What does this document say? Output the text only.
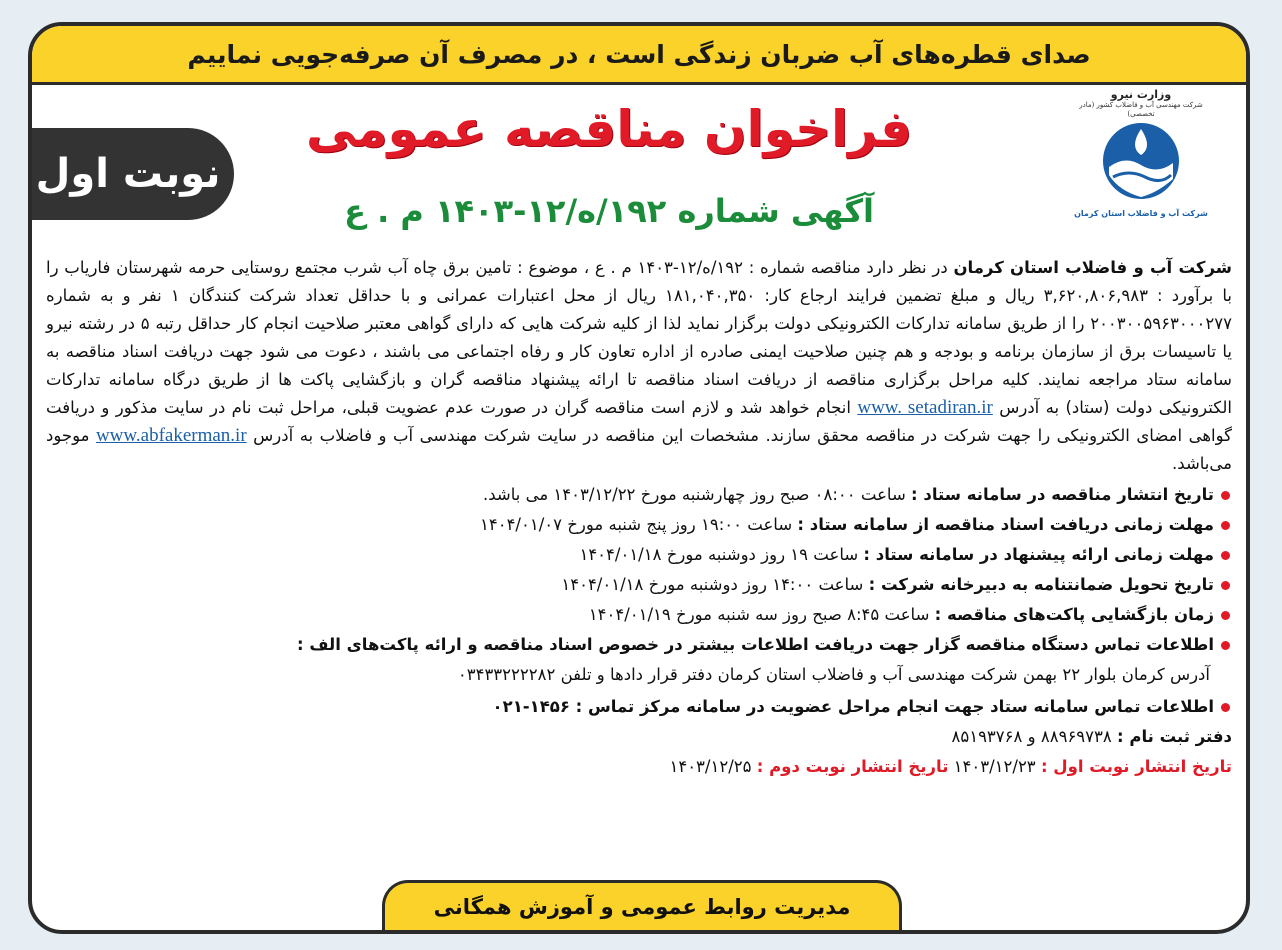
صدای قطره‌های آب ضربان زندگی است ، در مصرف آن صرفه‌جویی نماییم
نوبت اول
فراخوان مناقصه عمومی
آگهی شماره ۱۹۲/ه/۱۲-۱۴۰۳ م . ع
وزارت نیرو
شرکت مهندسی آب و فاضلاب کشور (مادر تخصصی)
شرکت آب و فاضلاب استان کرمان

شرکت آب و فاضلاب استان کرمان در نظر دارد مناقصه شماره : ۱۹۲/ه/۱۲-۱۴۰۳ م . ع ، موضوع : تامین برق چاه آب شرب مجتمع روستایی حرمه شهرستان فاریاب را با برآورد : ۳,۶۲۰,۸۰۶,۹۸۳ ریال و مبلغ تضمین فرایند ارجاع کار: ۱۸۱,۰۴۰,۳۵۰ ریال از محل اعتبارات عمرانی و با حداقل تعداد شرکت کنندگان ۱ نفر و به شماره ۲۰۰۳۰۰۵۹۶۳۰۰۰۲۷۷ را از طریق سامانه تدارکات الکترونیکی دولت برگزار نماید لذا از کلیه شرکت هایی که دارای گواهی معتبر صلاحیت انجام کار حداقل رتبه ۵ در رشته نیرو یا تاسیسات برق از سازمان برنامه و بودجه و هم چنین صلاحیت ایمنی صادره از اداره تعاون کار و رفاه اجتماعی می باشند ، دعوت می شود جهت دریافت اسناد مناقصه به سامانه ستاد مراجعه نمایند. کلیه مراحل برگزاری مناقصه از دریافت اسناد مناقصه تا ارائه پیشنهاد مناقصه گران و بازگشایی پاکت ها از طریق درگاه سامانه تدارکات الکترونیکی دولت (ستاد) به آدرس www. setadiran.ir انجام خواهد شد و لازم است مناقصه گران در صورت عدم عضویت قبلی، مراحل ثبت نام در سایت مذکور و دریافت گواهی امضای الکترونیکی را جهت شرکت در مناقصه محقق سازند. مشخصات این مناقصه در سایت شرکت مهندسی آب و فاضلاب به آدرس www.abfakerman.ir موجود می‌باشد.

تاریخ انتشار مناقصه در سامانه ستاد : ساعت ۰۸:۰۰ صبح روز چهارشنبه مورخ ۱۴۰۳/۱۲/۲۲ می باشد.
مهلت زمانی دریافت اسناد مناقصه از سامانه ستاد : ساعت ۱۹:۰۰ روز پنج شنبه مورخ ۱۴۰۴/۰۱/۰۷
مهلت زمانی ارائه پیشنهاد در سامانه ستاد : ساعت ۱۹ روز دوشنبه مورخ ۱۴۰۴/۰۱/۱۸
تاریخ تحویل ضمانتنامه به دبیرخانه شرکت : ساعت ۱۴:۰۰ روز دوشنبه مورخ ۱۴۰۴/۰۱/۱۸
زمان بازگشایی پاکت‌های مناقصه : ساعت ۸:۴۵ صبح روز سه شنبه مورخ ۱۴۰۴/۰۱/۱۹
اطلاعات تماس دستگاه مناقصه گزار جهت دریافت اطلاعات بیشتر در خصوص اسناد مناقصه و ارائه پاکت‌های الف :
آدرس کرمان بلوار ۲۲ بهمن شرکت مهندسی آب و فاضلاب استان کرمان دفتر قرار دادها و تلفن ۰۳۴۳۳۲۲۲۲۸۲
اطلاعات تماس سامانه ستاد جهت انجام مراحل عضویت در سامانه مرکز تماس : ۱۴۵۶-۰۲۱
دفتر ثبت نام : ۸۸۹۶۹۷۳۸ و ۸۵۱۹۳۷۶۸
تاریخ انتشار نوبت اول : ۱۴۰۳/۱۲/۲۳ تاریخ انتشار نوبت دوم : ۱۴۰۳/۱۲/۲۵
مدیریت روابط عمومی و آموزش همگانی
